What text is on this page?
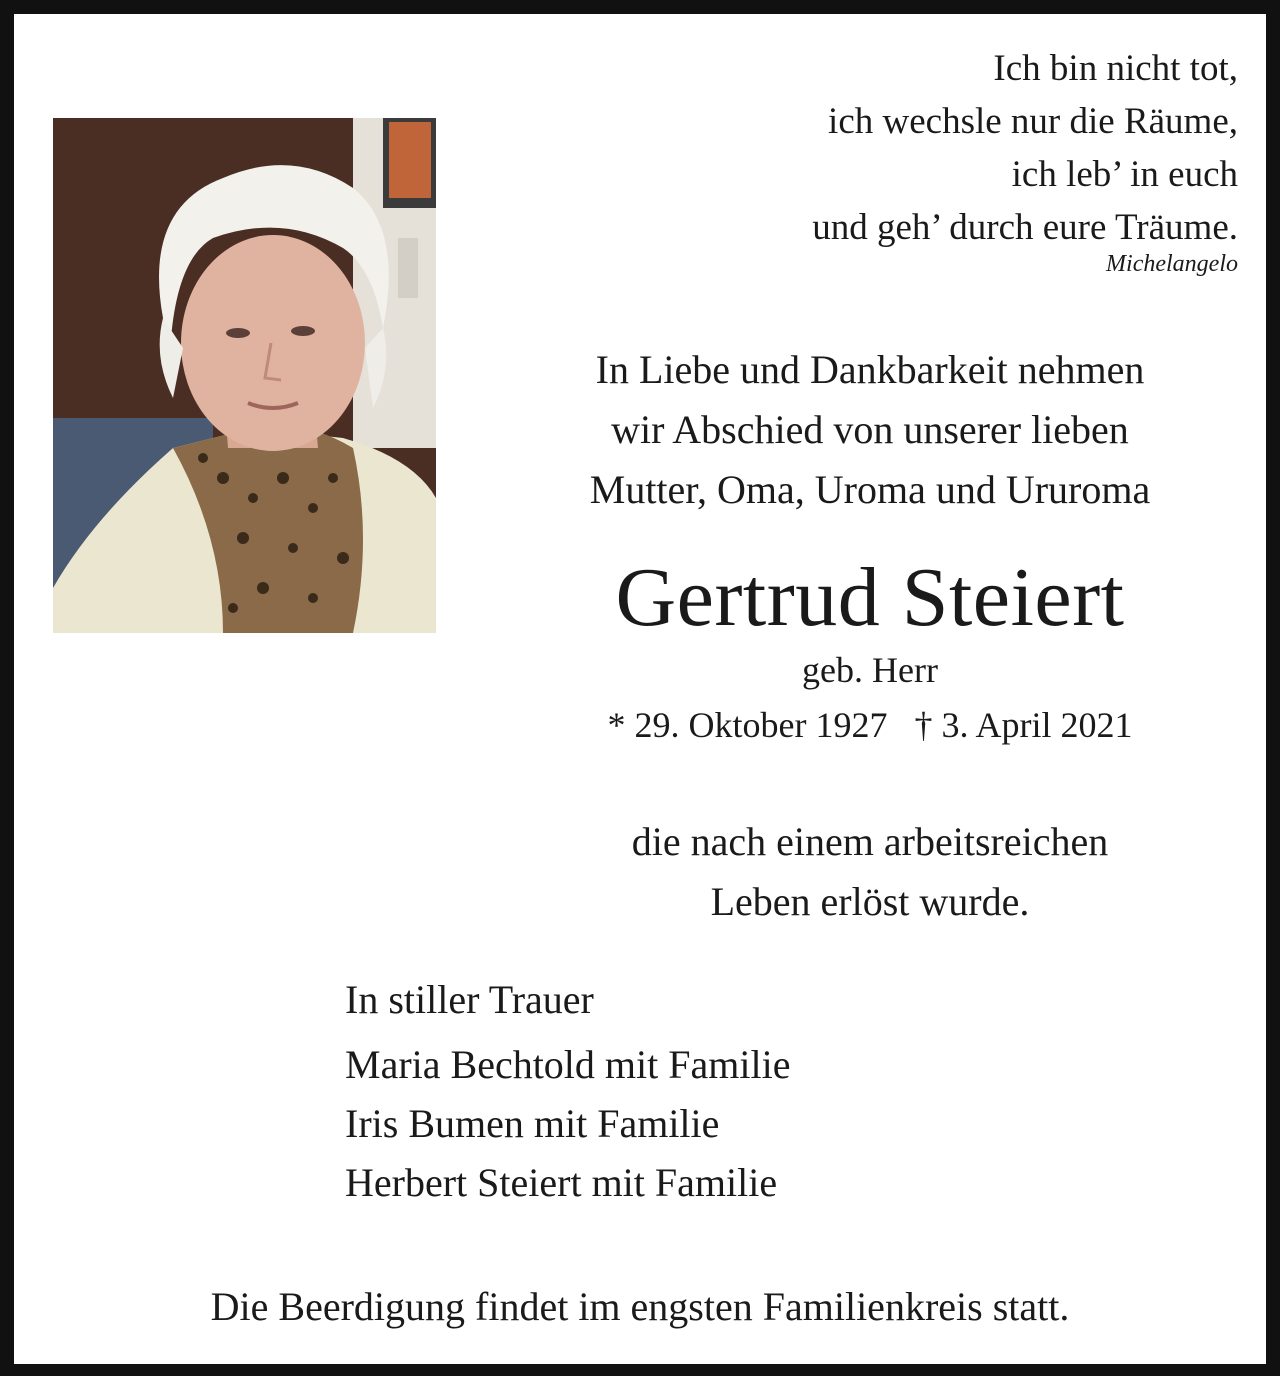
Ich bin nicht tot,
ich wechsle nur die Räume,
ich leb’ in euch
und geh’ durch eure Träume.
Michelangelo
In Liebe und Dankbarkeit nehmen
wir Abschied von unserer lieben
Mutter, Oma, Uroma und Ururoma
Gertrud Steiert
geb. Herr
* 29. Oktober 1927   † 3. April 2021
die nach einem arbeitsreichen
Leben erlöst wurde.
In stiller Trauer
Maria Bechtold mit Familie
Iris Bumen mit Familie
Herbert Steiert mit Familie
Die Beerdigung findet im engsten Familienkreis statt.
